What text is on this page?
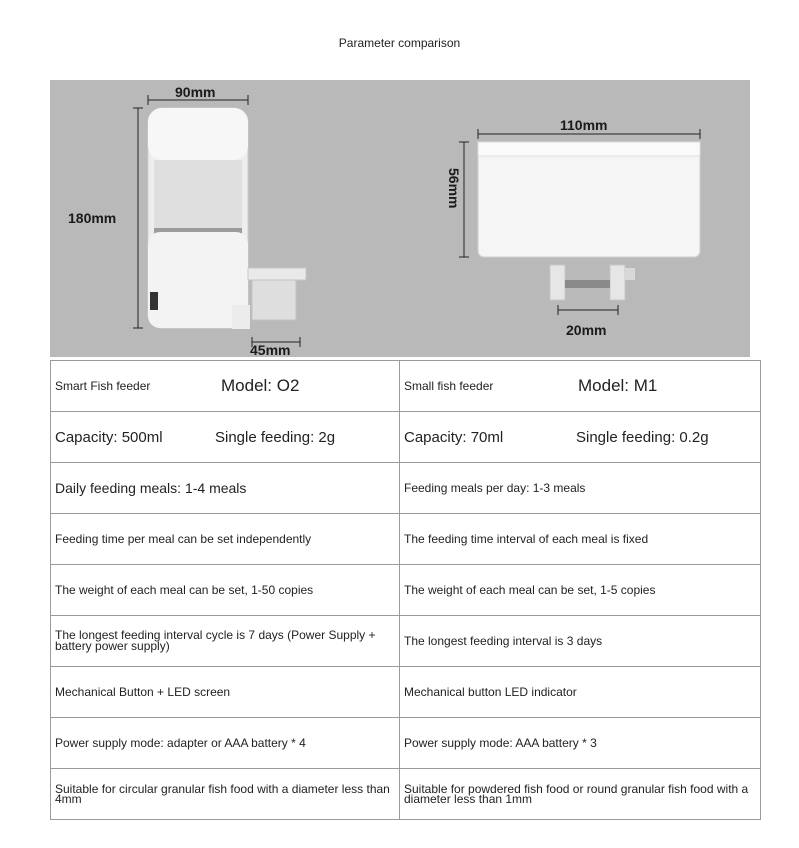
Parameter comparison
90mm
180mm
45mm
110mm
56mm
20mm
Smart Fish feeder Model: O2	Small fish feeder Model: M1

Capacity: 500ml Single feeding: 2g	Capacity: 70ml Single feeding: 0.2g

Daily feeding meals: 1-4 meals	Feeding meals per day: 1-3 meals
Feeding time per meal can be set independently	The feeding time interval of each meal is fixed
The weight of each meal can be set, 1-50 copies	The weight of each meal can be set, 1-5 copies
The longest feeding interval cycle is 7 days (Power Supply + battery power supply)	The longest feeding interval is 3 days
Mechanical Button + LED screen	Mechanical button LED indicator
Power supply mode: adapter or AAA battery * 4	Power supply mode: AAA battery * 3
Suitable for circular granular fish food with a diameter less than 4mm	Suitable for powdered fish food or round granular fish food with a diameter less than 1mm
